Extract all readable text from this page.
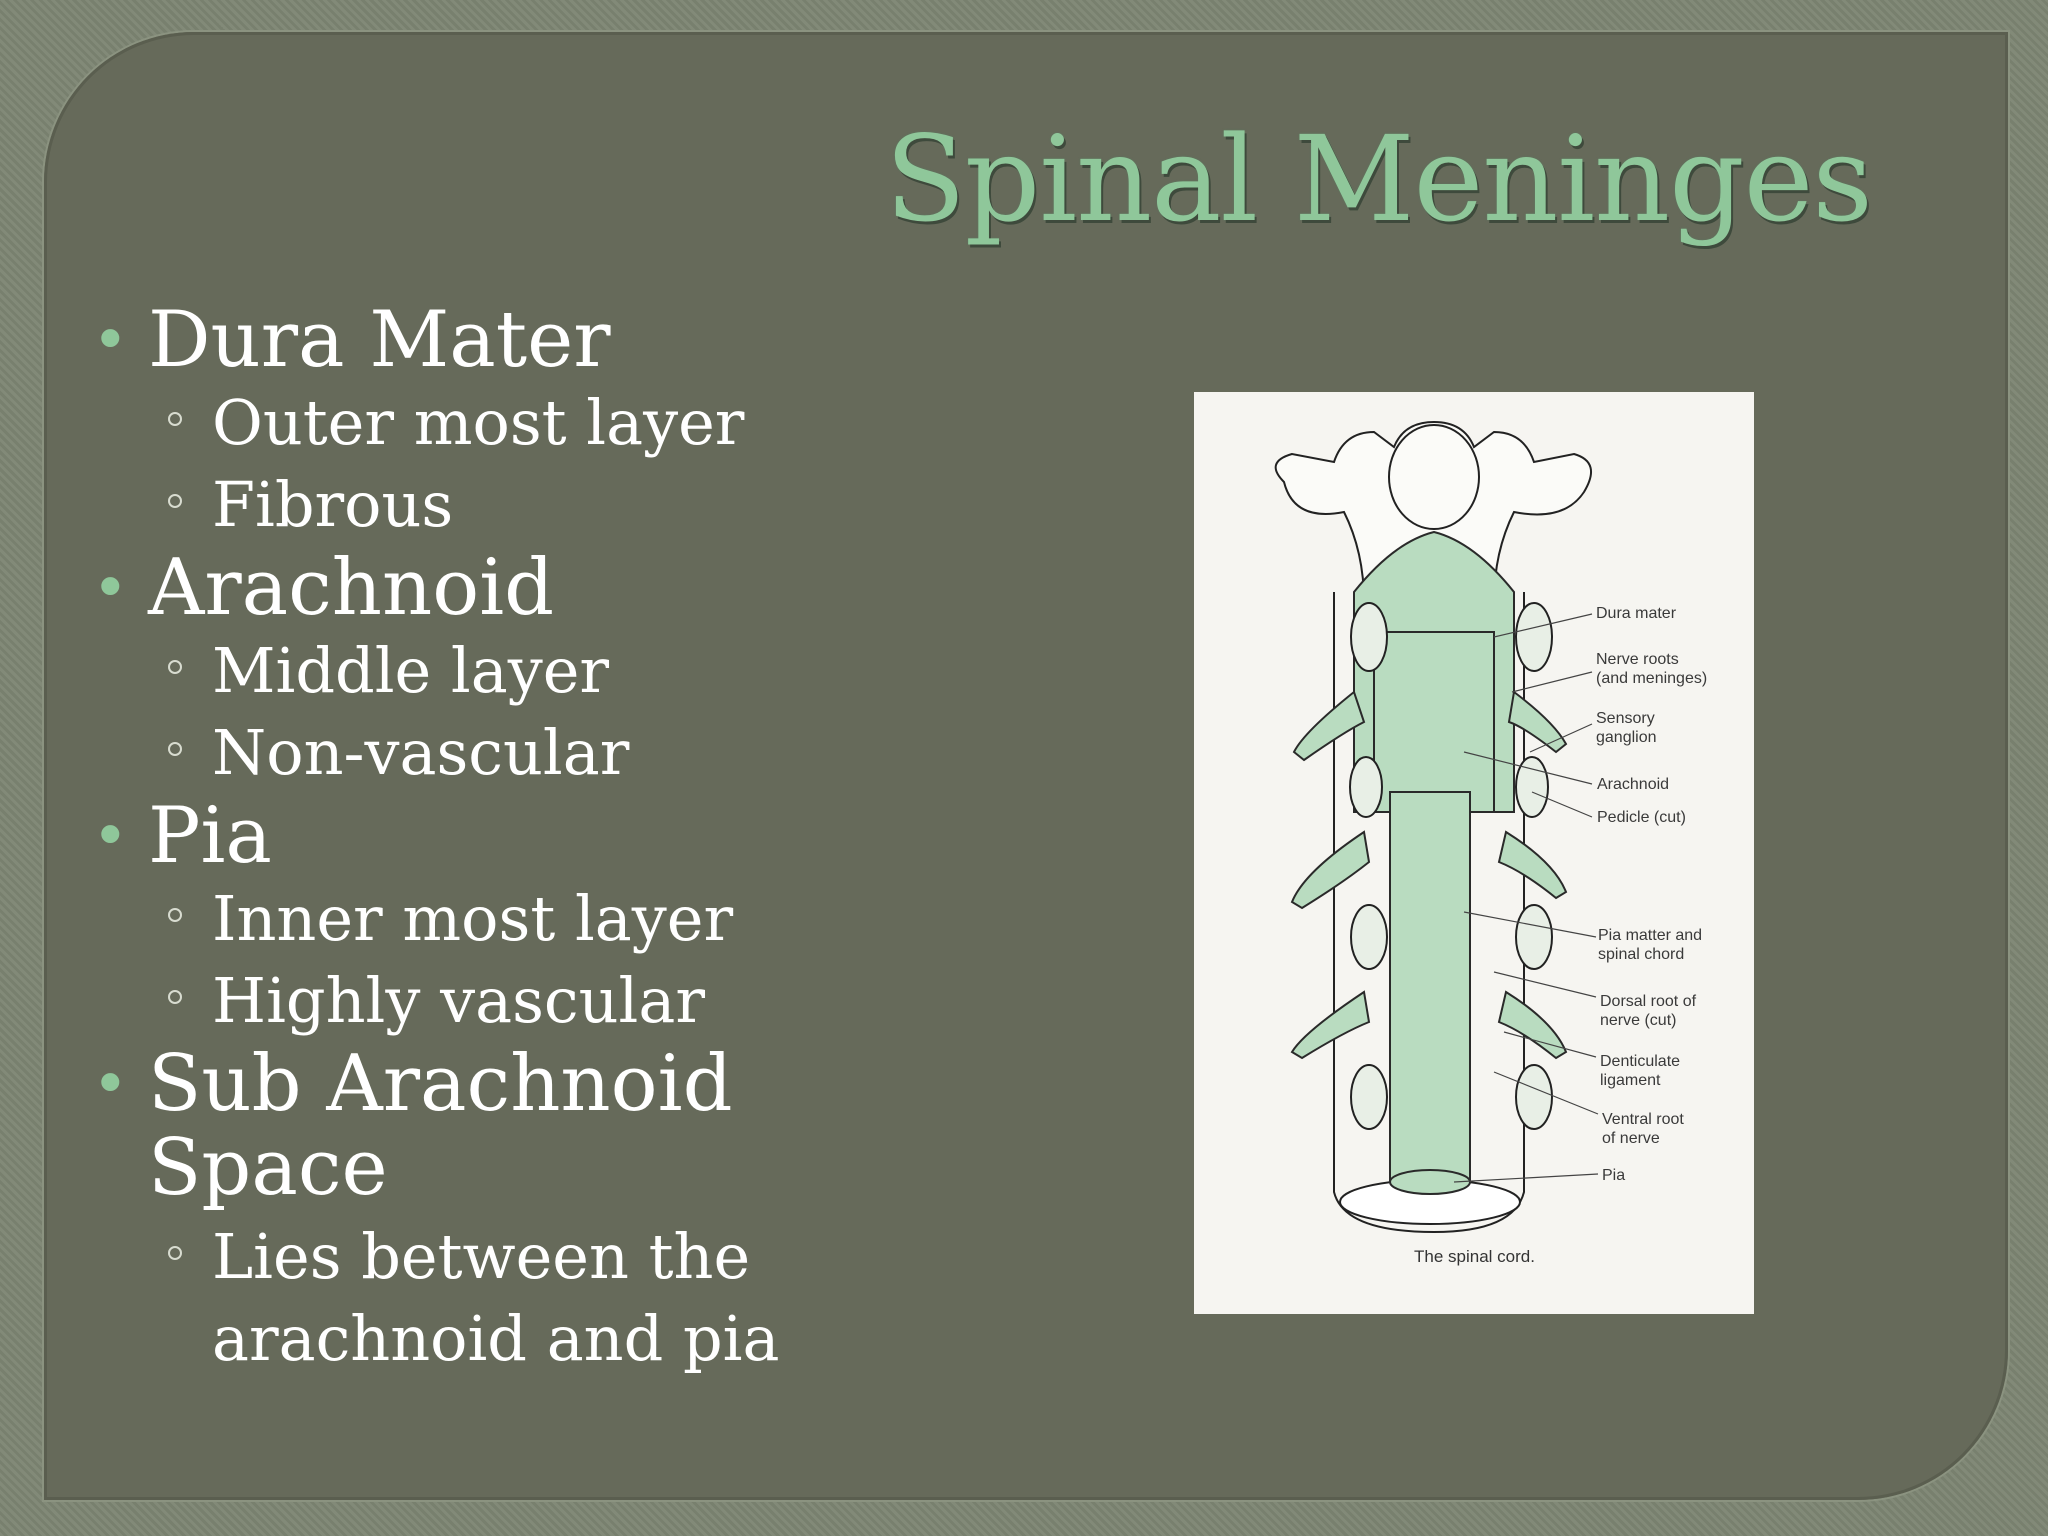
Spinal Meninges

• Dura Mater

Outer most layer

Fibrous

• Arachnoid

Middle layer

Non-vascular

• Pia

Inner most layer

Highly vascular

• Sub Arachnoid Space

Lies between the arachnoid and pia

Dura mater
Nerve roots
(and meninges)
Sensory
ganglion
Arachnoid
Pedicle (cut)
Pia matter and
spinal chord
Dorsal root of
nerve (cut)
Denticulate
ligament
Ventral root
of nerve
Pia
The spinal cord.
